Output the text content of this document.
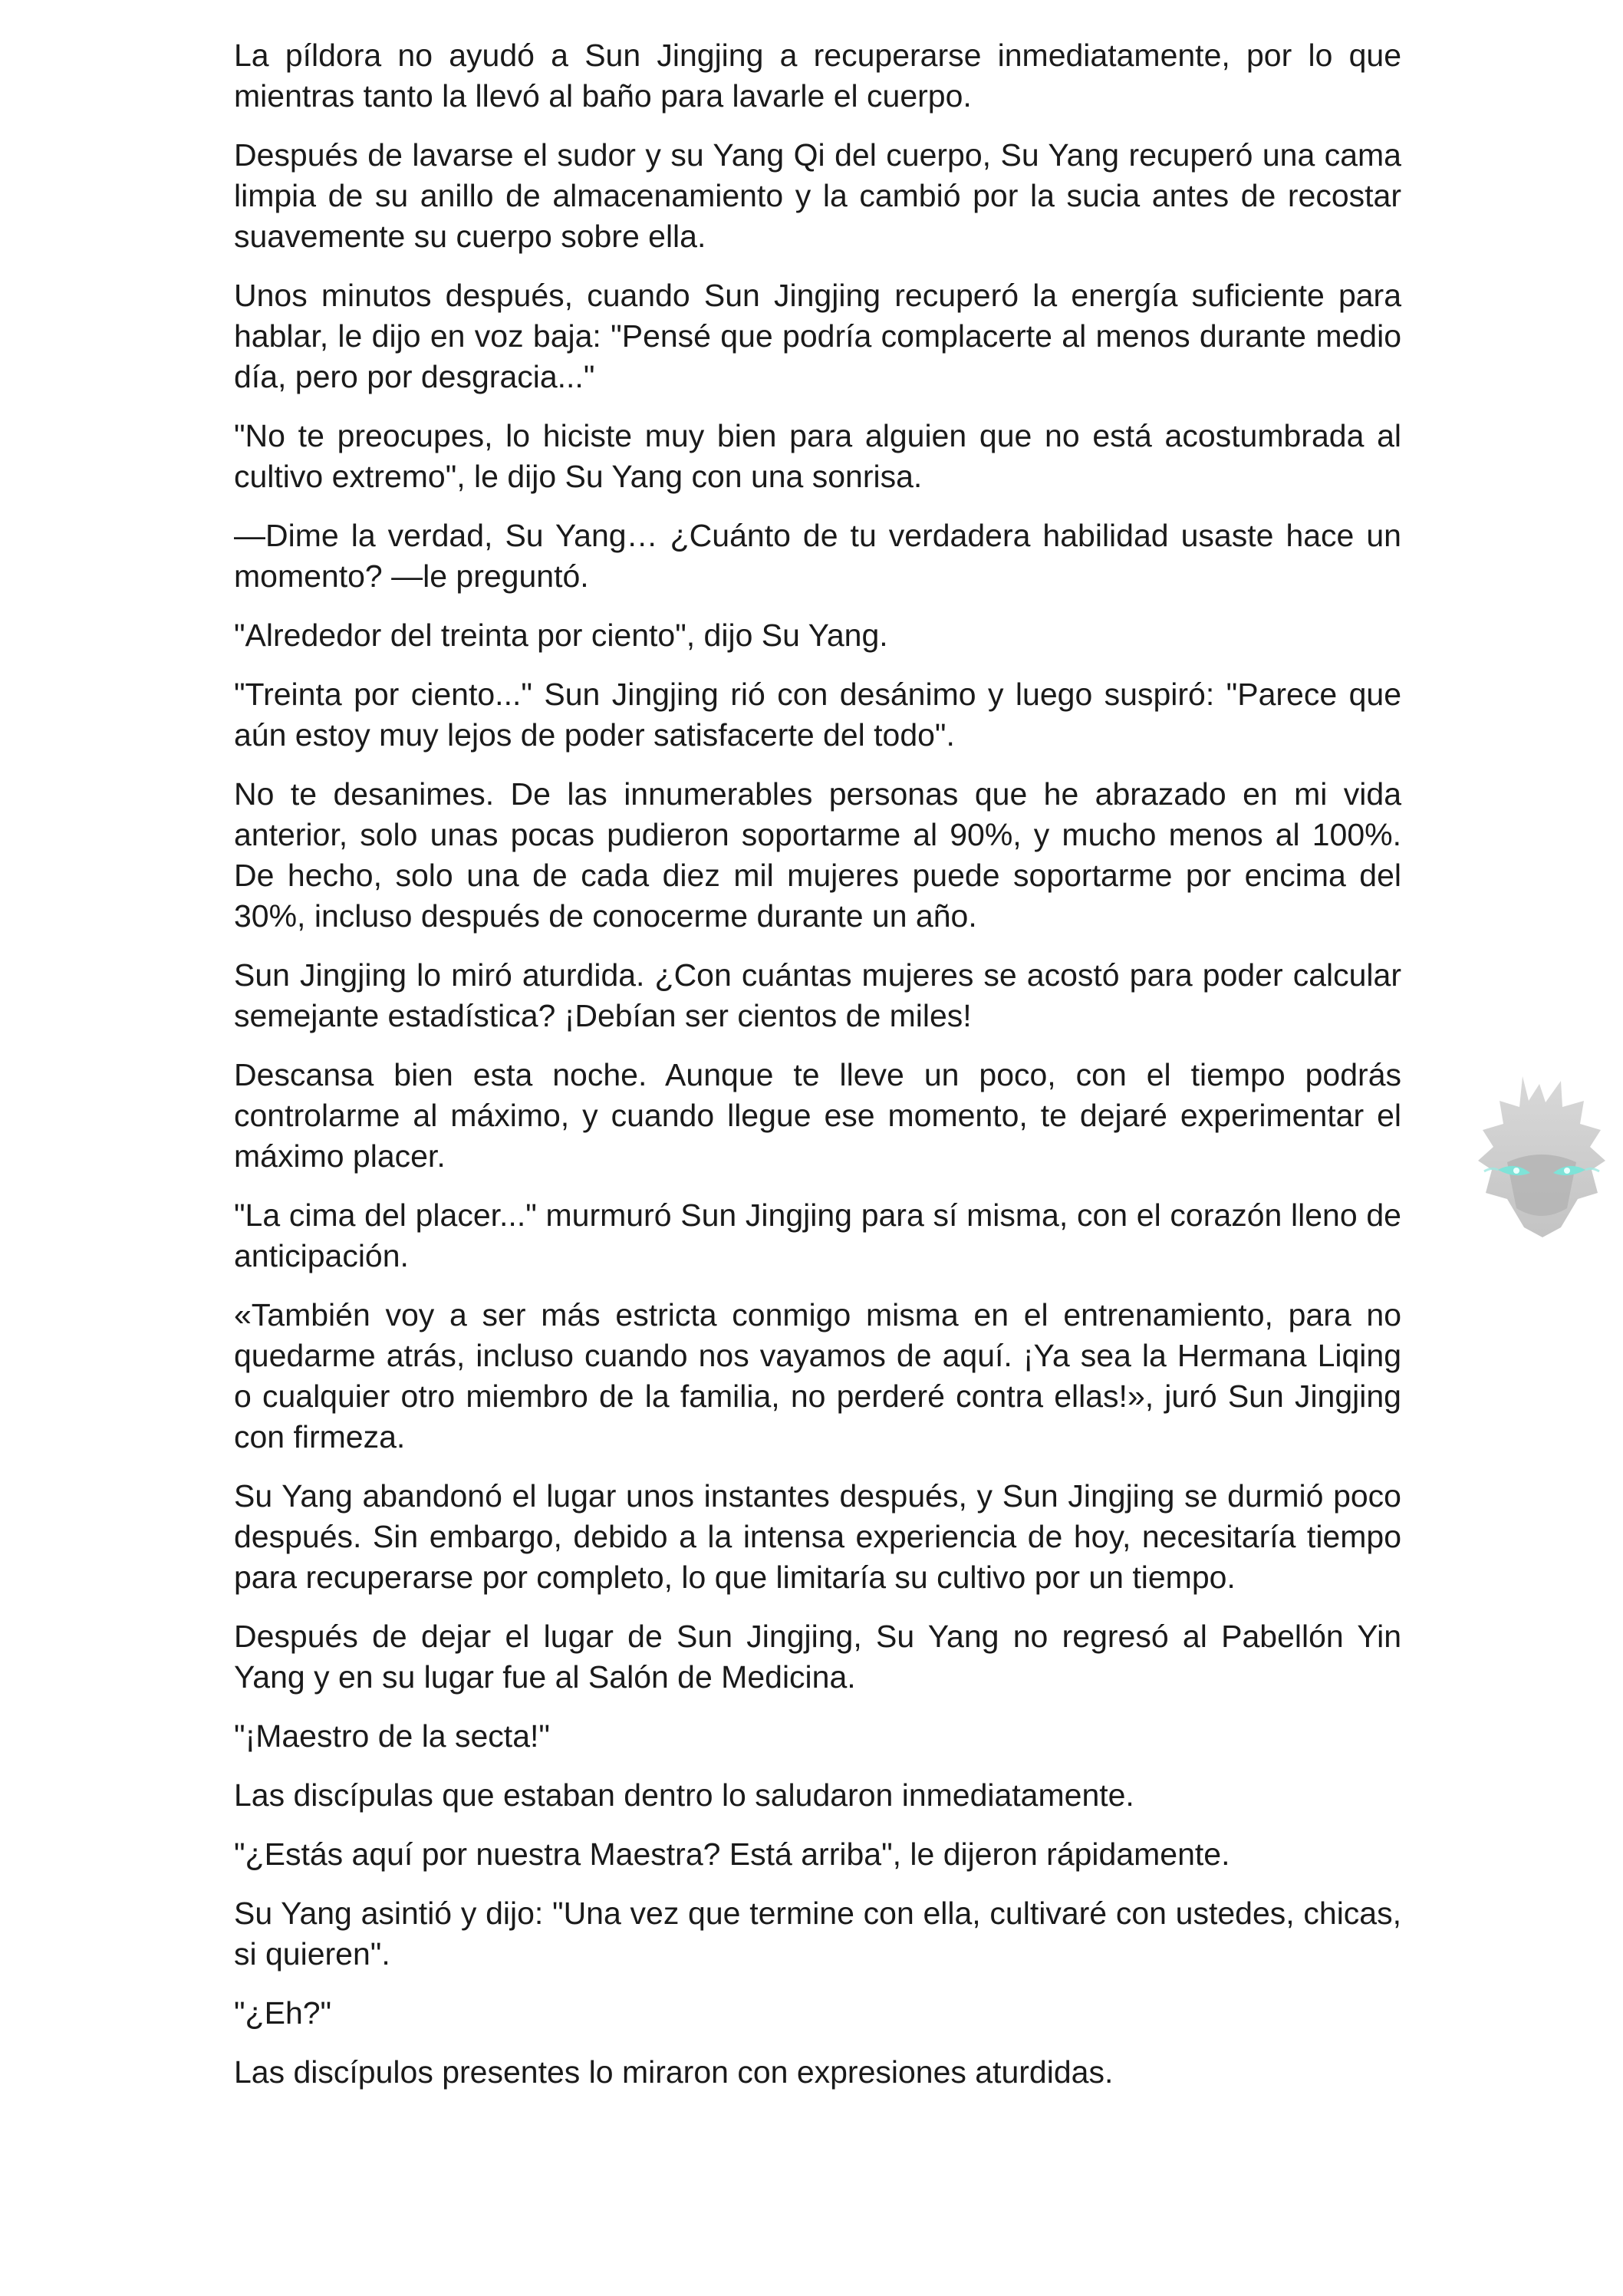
La píldora no ayudó a Sun Jingjing a recuperarse inmediatamente, por lo que mientras tanto la llevó al baño para lavarle el cuerpo.

Después de lavarse el sudor y su Yang Qi del cuerpo, Su Yang recuperó una cama limpia de su anillo de almacenamiento y la cambió por la sucia antes de recostar suavemente su cuerpo sobre ella.

Unos minutos después, cuando Sun Jingjing recuperó la energía suficiente para hablar, le dijo en voz baja: "Pensé que podría complacerte al menos durante medio día, pero por desgracia..."

"No te preocupes, lo hiciste muy bien para alguien que no está acostumbrada al cultivo extremo", le dijo Su Yang con una sonrisa.

—Dime la verdad, Su Yang… ¿Cuánto de tu verdadera habilidad usaste hace un momento? —le preguntó.

"Alrededor del treinta por ciento", dijo Su Yang.

"Treinta por ciento..." Sun Jingjing rió con desánimo y luego suspiró: "Parece que aún estoy muy lejos de poder satisfacerte del todo".

No te desanimes. De las innumerables personas que he abrazado en mi vida anterior, solo unas pocas pudieron soportarme al 90%, y mucho menos al 100%. De hecho, solo una de cada diez mil mujeres puede soportarme por encima del 30%, incluso después de conocerme durante un año.

Sun Jingjing lo miró aturdida. ¿Con cuántas mujeres se acostó para poder calcular semejante estadística? ¡Debían ser cientos de miles!

Descansa bien esta noche. Aunque te lleve un poco, con el tiempo podrás controlarme al máximo, y cuando llegue ese momento, te dejaré experimentar el máximo placer.

"La cima del placer..." murmuró Sun Jingjing para sí misma, con el corazón lleno de anticipación.

«También voy a ser más estricta conmigo misma en el entrenamiento, para no quedarme atrás, incluso cuando nos vayamos de aquí. ¡Ya sea la Hermana Liqing o cualquier otro miembro de la familia, no perderé contra ellas!», juró Sun Jingjing con firmeza.

Su Yang abandonó el lugar unos instantes después, y Sun Jingjing se durmió poco después. Sin embargo, debido a la intensa experiencia de hoy, necesitaría tiempo para recuperarse por completo, lo que limitaría su cultivo por un tiempo.

Después de dejar el lugar de Sun Jingjing, Su Yang no regresó al Pabellón Yin Yang y en su lugar fue al Salón de Medicina.

"¡Maestro de la secta!"

Las discípulas que estaban dentro lo saludaron inmediatamente.

"¿Estás aquí por nuestra Maestra? Está arriba", le dijeron rápidamente.

Su Yang asintió y dijo: "Una vez que termine con ella, cultivaré con ustedes, chicas, si quieren".

"¿Eh?"

Las discípulos presentes lo miraron con expresiones aturdidas.
